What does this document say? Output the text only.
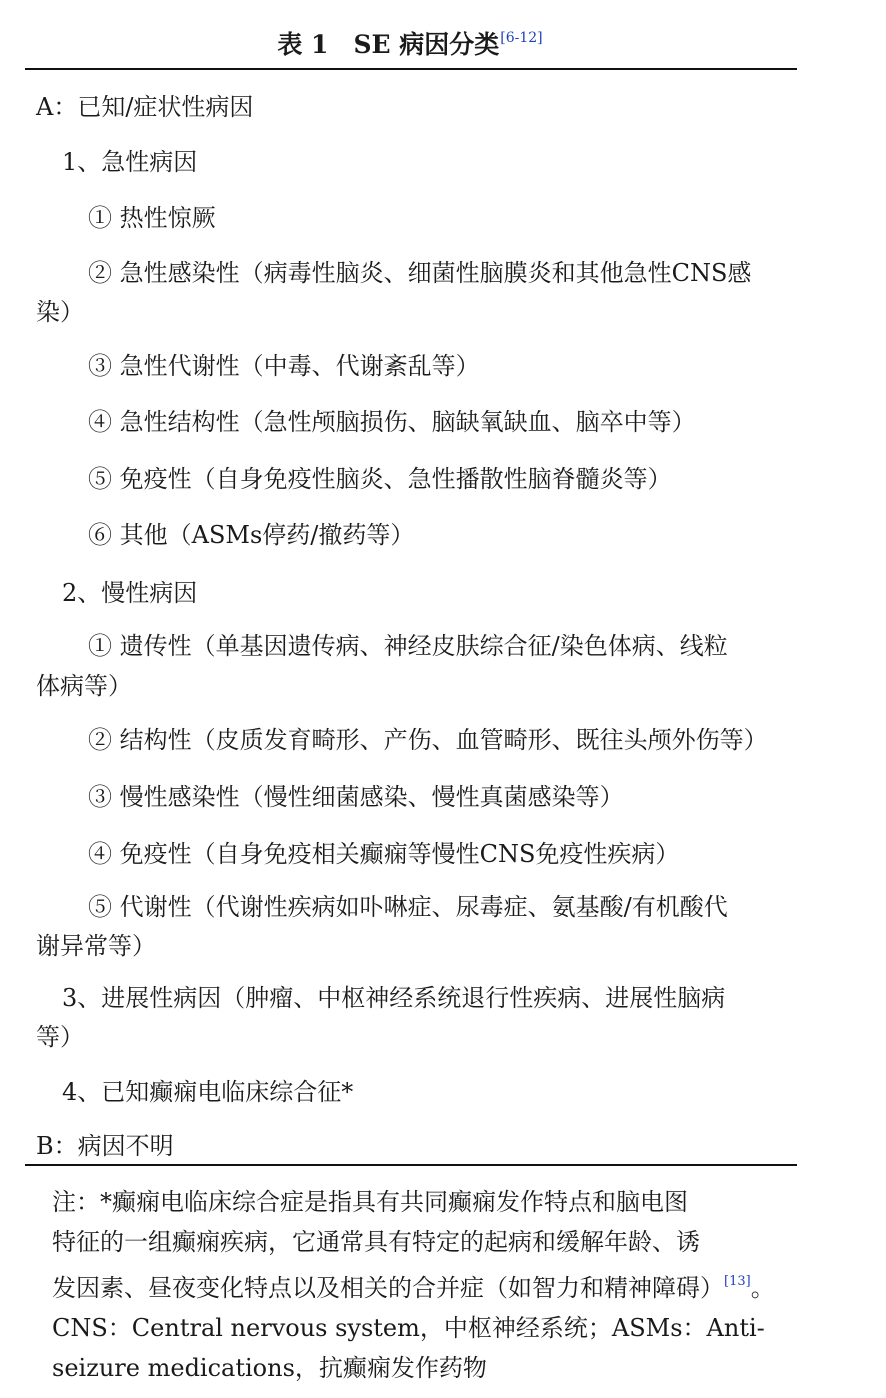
表 1　SE 病因分类[6-12]
A：已知/症状性病因
1、急性病因
① 热性惊厥
② 急性感染性（病毒性脑炎、细菌性脑膜炎和其他急性CNS感
染）
③ 急性代谢性（中毒、代谢紊乱等）
④ 急性结构性（急性颅脑损伤、脑缺氧缺血、脑卒中等）
⑤ 免疫性（自身免疫性脑炎、急性播散性脑脊髓炎等）
⑥ 其他（ASMs停药/撤药等）
2、慢性病因
① 遗传性（单基因遗传病、神经皮肤综合征/染色体病、线粒
体病等）
② 结构性（皮质发育畸形、产伤、血管畸形、既往头颅外伤等）
③ 慢性感染性（慢性细菌感染、慢性真菌感染等）
④ 免疫性（自身免疫相关癫痫等慢性CNS免疫性疾病）
⑤ 代谢性（代谢性疾病如卟啉症、尿毒症、氨基酸/有机酸代
谢异常等）
3、进展性病因（肿瘤、中枢神经系统退行性疾病、进展性脑病
等）
4、已知癫痫电临床综合征*
B：病因不明
注：*癫痫电临床综合症是指具有共同癫痫发作特点和脑电图
特征的一组癫痫疾病，它通常具有特定的起病和缓解年龄、诱
发因素、昼夜变化特点以及相关的合并症（如智力和精神障碍）[13]。
CNS：Central nervous system，中枢神经系统；ASMs：Anti-
seizure medications，抗癫痫发作药物
